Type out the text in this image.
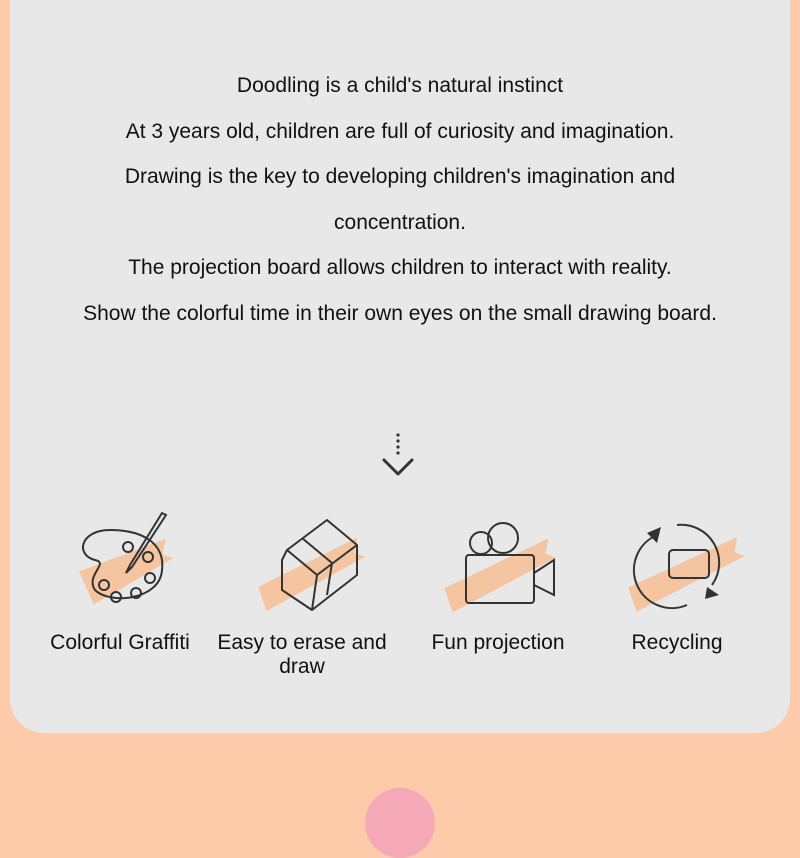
Doodling is a child's natural instinct
At 3 years old, children are full of curiosity and imagination.
Drawing is the key to developing children's imagination and concentration.
The projection board allows children to interact with reality.
Show the colorful time in their own eyes on the small drawing board.
Colorful Graffiti	Easy to erase and draw
Fun projection	Recycling
